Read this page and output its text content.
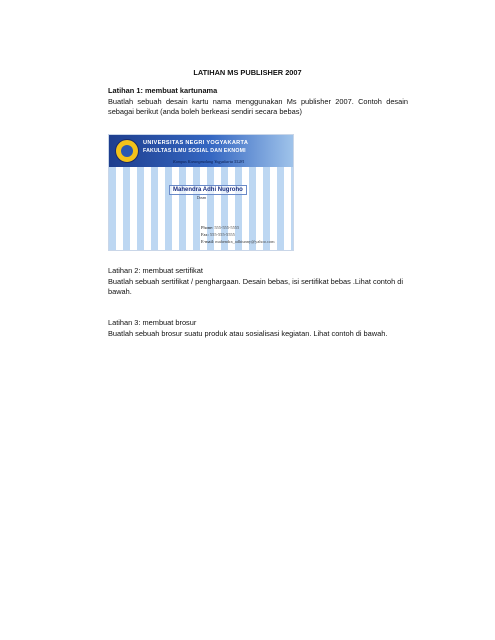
LATIHAN MS PUBLISHER 2007
Latihan 1: membuat kartunama
Buatlah sebuah desain kartu nama menggunakan Ms publisher 2007. Contoh desain sebagai berikut (anda boleh berkeasi sendiri secara bebas)
UNIVERSITAS NEGRI YOGYAKARTA
FAKULTAS ILMU SOSIAL DAN EKNOMI
Kampus Karangmalang Yogyakarta 55281
Mahendra Adhi Nugroho
Dosen
Phone: 555-555-5555
Fax: 555-555-5555
E-mail: mahendra_adhiunny@yahoo.com
Latihan 2: membuat sertifikat
Buatlah sebuah sertifikat / penghargaan. Desain bebas, isi sertifikat bebas .Lihat contoh di bawah.
Latihan 3: membuat brosur
Buatlah sebuah brosur suatu produk atau sosialisasi kegiatan. Lihat contoh di bawah.
